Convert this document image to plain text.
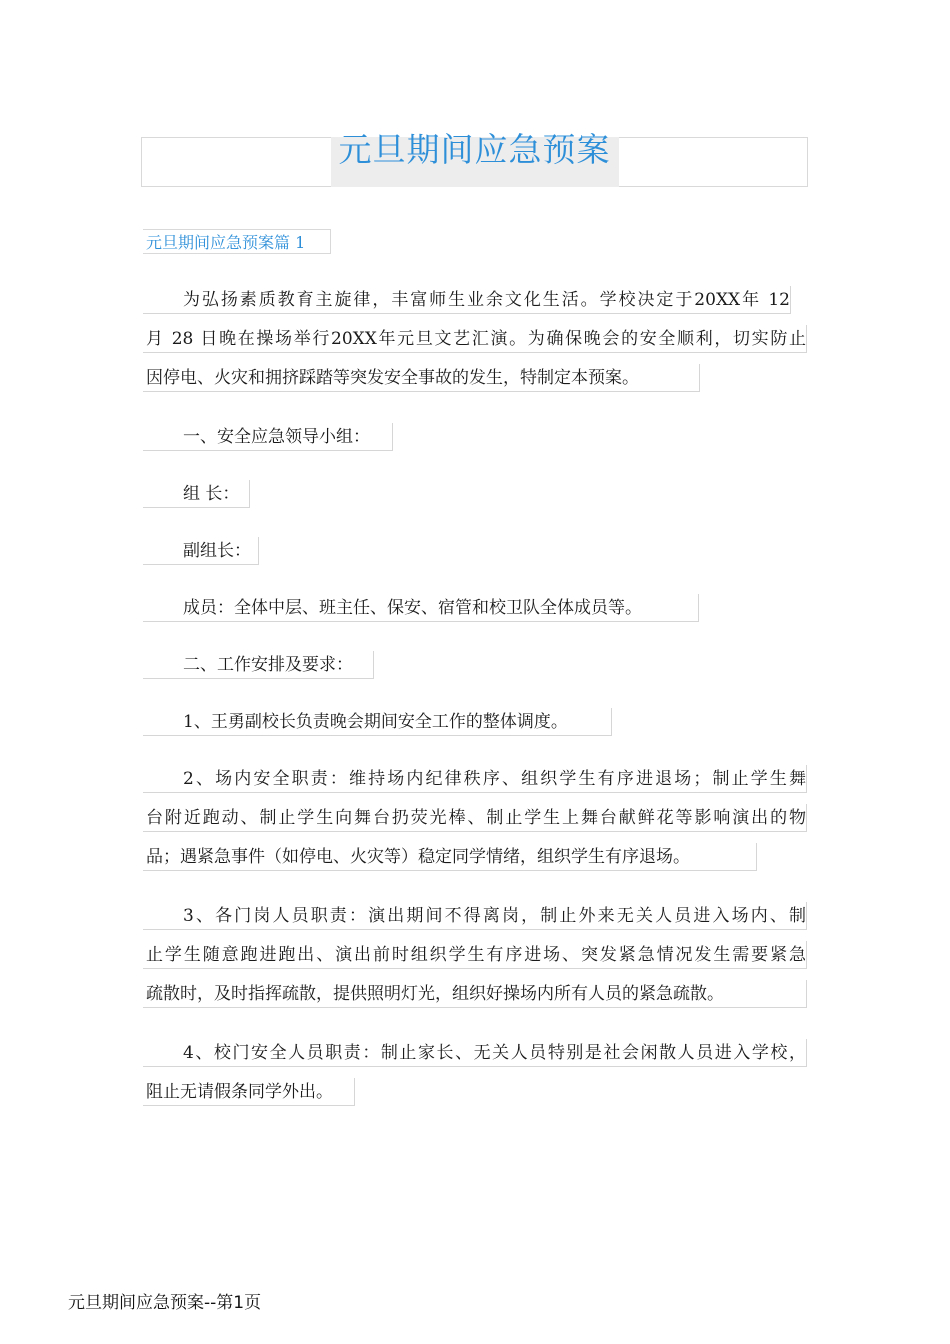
元旦期间应急预案
元旦期间应急预案篇 1
为弘扬素质教育主旋律，丰富师生业余文化生活。学校决定于20XX年 12
月 28 日晚在操场举行20XX年元旦文艺汇演。为确保晚会的安全顺利，切实防止
因停电、火灾和拥挤踩踏等突发安全事故的发生，特制定本预案。
一、安全应急领导小组：
组 长：
副组长：
成员：全体中层、班主任、保安、宿管和校卫队全体成员等。
二、工作安排及要求：
1、王勇副校长负责晚会期间安全工作的整体调度。
2、场内安全职责：维持场内纪律秩序、组织学生有序进退场；制止学生舞
台附近跑动、制止学生向舞台扔荧光棒、制止学生上舞台献鲜花等影响演出的物
品；遇紧急事件（如停电、火灾等）稳定同学情绪，组织学生有序退场。
3、各门岗人员职责：演出期间不得离岗，制止外来无关人员进入场内、制
止学生随意跑进跑出、演出前时组织学生有序进场、突发紧急情况发生需要紧急
疏散时，及时指挥疏散，提供照明灯光，组织好操场内所有人员的紧急疏散。
4、校门安全人员职责：制止家长、无关人员特别是社会闲散人员进入学校，
阻止无请假条同学外出。
元旦期间应急预案--第1页
